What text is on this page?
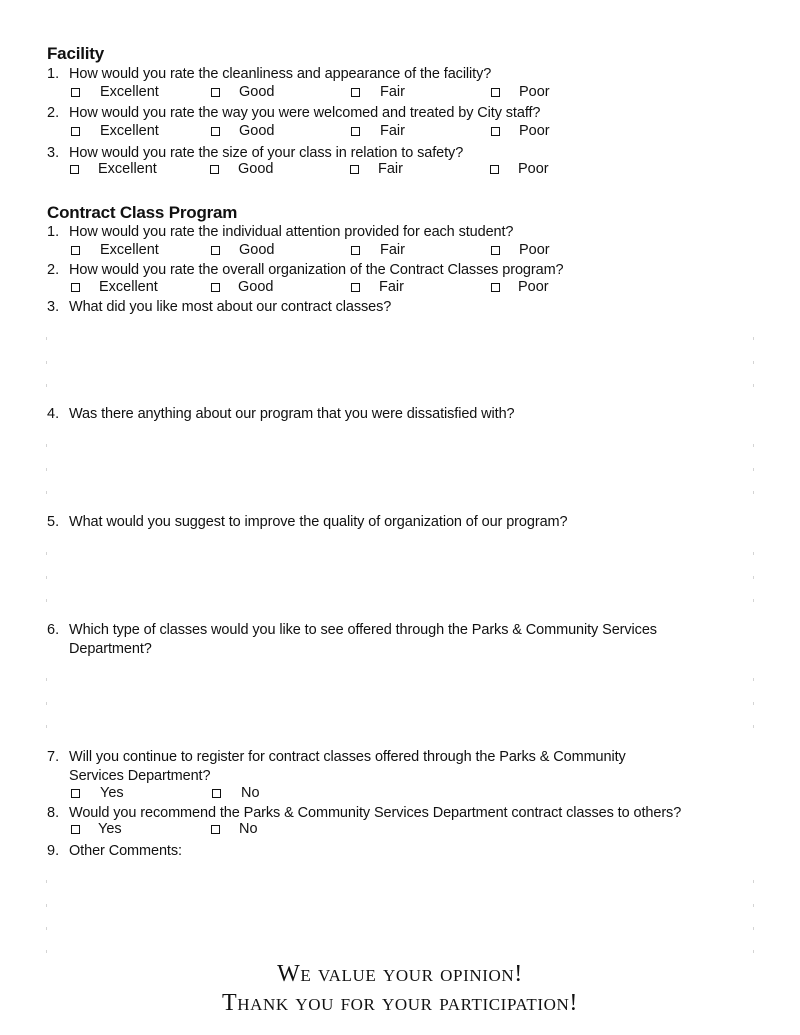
Facility
1. How would you rate the cleanliness and appearance of the facility?
Excellent	Good	Fair	Poor
2. How would you rate the way you were welcomed and treated by City staff?
Excellent	Good	Fair	Poor
3. How would you rate the size of your class in relation to safety?
Excellent	Good	Fair	Poor
Contract Class Program
1. How would you rate the individual attention provided for each student?
Excellent	Good	Fair	Poor
2. How would you rate the overall organization of the Contract Classes program?
Excellent	Good	Fair	Poor
3. What did you like most about our contract classes?
4. Was there anything about our program that you were dissatisfied with?
5. What would you suggest to improve the quality of organization of our program?
6. Which type of classes would you like to see offered through the Parks & Community Services
Department?
7. Will you continue to register for contract classes offered through the Parks & Community
Services Department?
Yes	No
8. Would you recommend the Parks & Community Services Department contract classes to others?
Yes	No
9. Other Comments:
We value your opinion!
Thank you for your participation!
